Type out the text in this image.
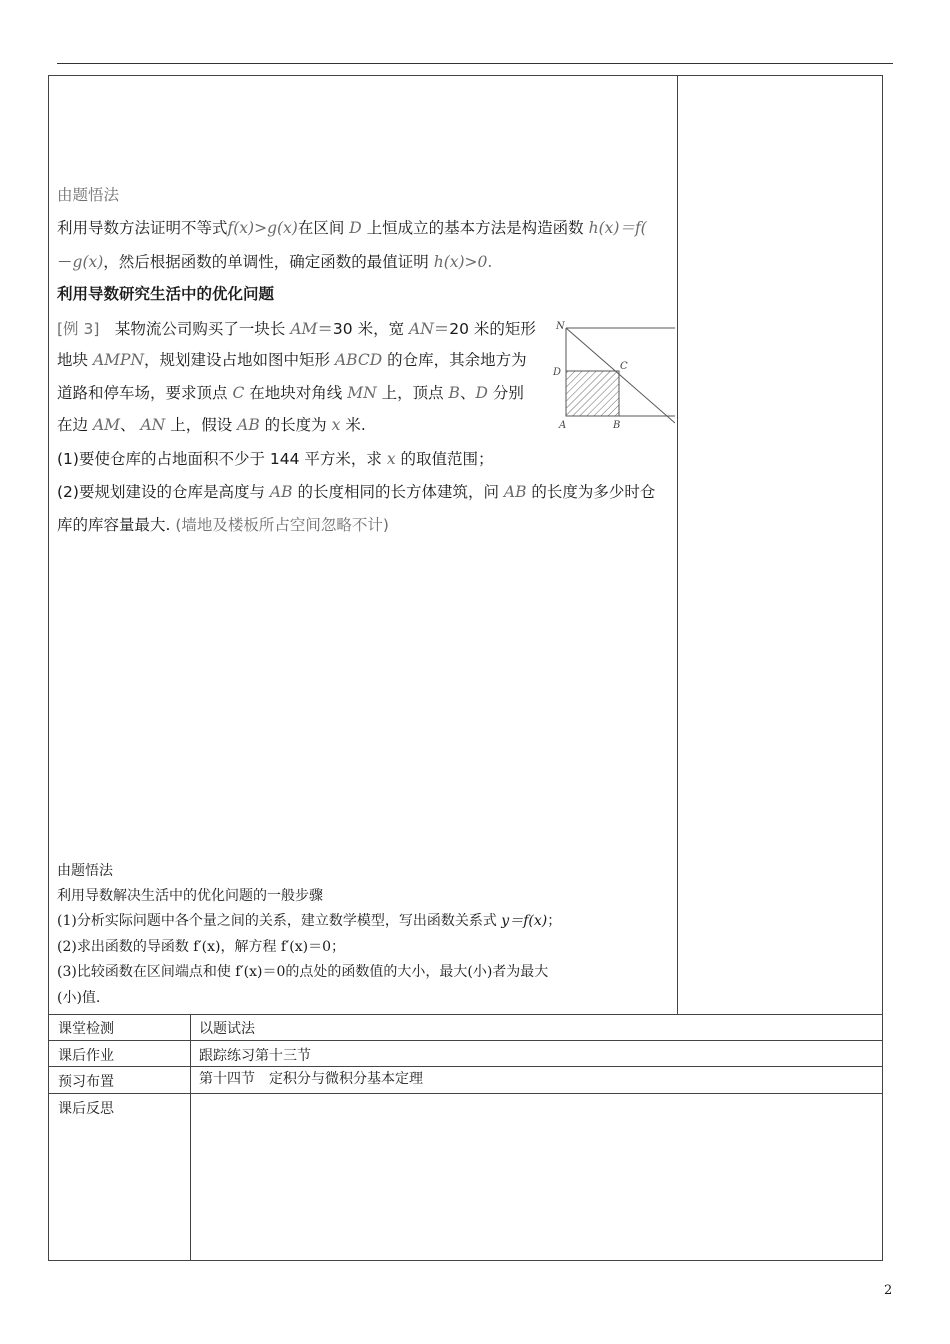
由题悟法
利用导数方法证明不等式f(x)>g(x)在区间 D 上恒成立的基本方法是构造函数 h(x)＝f(
－g(x)，然后根据函数的单调性，确定函数的最值证明 h(x)>0.
利用导数研究生活中的优化问题
[例 3]　某物流公司购买了一块长 AM＝30 米，宽 AN＝20 米的矩形
地块 AMPN，规划建设占地如图中矩形 ABCD 的仓库，其余地方为
道路和停车场，要求顶点 C 在地块对角线 MN 上，顶点 B、D 分别
在边 AM、 AN 上，假设 AB 的长度为 x 米.
(1)要使仓库的占地面积不少于 144 平方米，求 x 的取值范围；
(2)要规划建设的仓库是高度与 AB 的长度相同的长方体建筑，问 AB 的长度为多少时仓
库的库容量最大. (墙地及楼板所占空间忽略不计)
由题悟法
利用导数解决生活中的优化问题的一般步骤
(1)分析实际问题中各个量之间的关系，建立数学模型，写出函数关系式 y＝f(x)；
(2)求出函数的导函数 f′(x)，解方程 f′(x)＝0；
(3)比较函数在区间端点和使 f′(x)＝0的点处的函数值的大小，最大(小)者为最大
(小)值.
N
C
D
A	B
课堂检测	以题试法
课后作业	跟踪练习第十三节
预习布置	第十四节　定积分与微积分基本定理
课后反思
2
